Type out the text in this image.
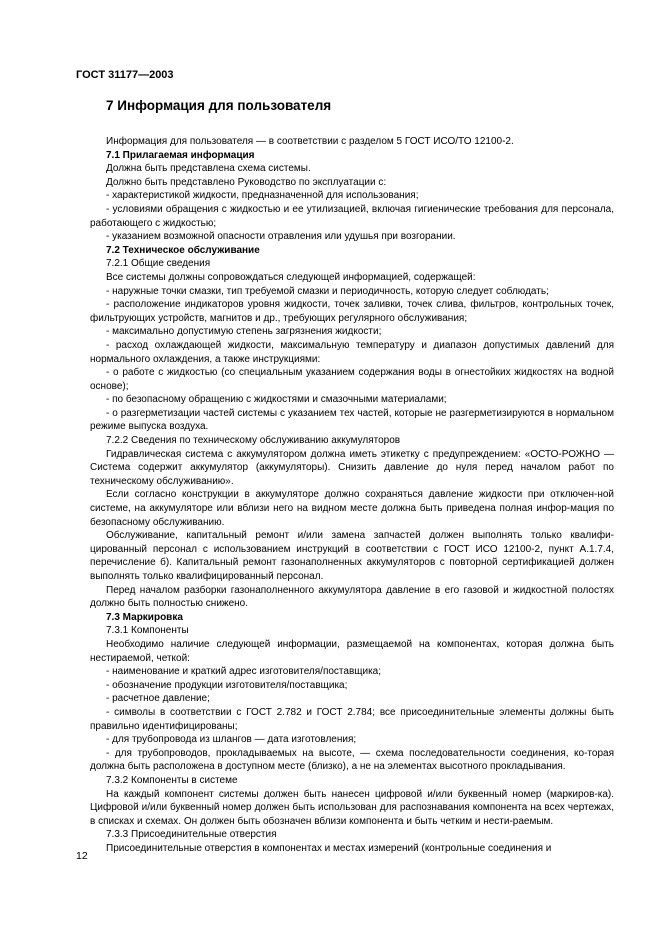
ГОСТ 31177—2003
7 Информация для пользователя

Информация для пользователя — в соответствии с разделом 5 ГОСТ ИСО/ТО 12100-2.

7.1 Прилагаемая информация

Должна быть представлена схема системы.

Должно быть представлено Руководство по эксплуатации с:

- характеристикой жидкости, предназначенной для использования;

- условиями обращения с жидкостью и ее утилизацией, включая гигиенические требования для персонала, работающего с жидкостью;

- указанием возможной опасности отравления или удушья при возгорании.

7.2 Техническое обслуживание

7.2.1 Общие сведения

Все системы должны сопровождаться следующей информацией, содержащей:

- наружные точки смазки, тип требуемой смазки и периодичность, которую следует соблюдать;

- расположение индикаторов уровня жидкости, точек заливки, точек слива, фильтров, контрольных точек, фильтрующих устройств, магнитов и др., требующих регулярного обслуживания;

- максимально допустимую степень загрязнения жидкости;

- расход охлаждающей жидкости, максимальную температуру и диапазон допустимых давлений для нормального охлаждения, а также инструкциями:

- о работе с жидкостью (со специальным указанием содержания воды в огнестойких жидкостях на водной основе);

- по безопасному обращению с жидкостями и смазочными материалами;

- о разгерметизации частей системы с указанием тех частей, которые не разгерметизируются в нормальном режиме выпуска воздуха.

7.2.2 Сведения по техническому обслуживанию аккумуляторов

Гидравлическая система с аккумулятором должна иметь этикетку с предупреждением: «ОСТО-РОЖНО — Система содержит аккумулятор (аккумуляторы). Снизить давление до нуля перед началом работ по техническому обслуживанию».

Если согласно конструкции в аккумуляторе должно сохраняться давление жидкости при отключен-ной системе, на аккумуляторе или вблизи него на видном месте должна быть приведена полная инфор-мация по безопасному обслуживанию.

Обслуживание, капитальный ремонт и/или замена запчастей должен выполнять только квалифи-цированный персонал с использованием инструкций в соответствии с ГОСТ ИСО 12100-2, пункт А.1.7.4, перечисление б). Капитальный ремонт газонаполненных аккумуляторов с повторной сертификацией должен выполнять только квалифицированный персонал.

Перед началом разборки газонаполненного аккумулятора давление в его газовой и жидкостной полостях должно быть полностью снижено.

7.3 Маркировка

7.3.1 Компоненты

Необходимо наличие следующей информации, размещаемой на компонентах, которая должна быть нестираемой, четкой:

- наименование и краткий адрес изготовителя/поставщика;

- обозначение продукции изготовителя/поставщика;

- расчетное давление;

- символы в соответствии с ГОСТ 2.782 и ГОСТ 2.784; все присоединительные элементы должны быть правильно идентифицированы;

- для трубопровода из шлангов — дата изготовления;

- для трубопроводов, прокладываемых на высоте, — схема последовательности соединения, ко-торая должна быть расположена в доступном месте (близко), а не на элементах высотного прокладывания.

7.3.2 Компоненты в системе

На каждый компонент системы должен быть нанесен цифровой и/или буквенный номер (маркиров-ка). Цифровой и/или буквенный номер должен быть использован для распознавания компонента на всех чертежах, в списках и схемах. Он должен быть обозначен вблизи компонента и быть четким и нести-раемым.

7.3.3 Присоединительные отверстия

Присоединительные отверстия в компонентах и местах измерений (контрольные соединения и

12
